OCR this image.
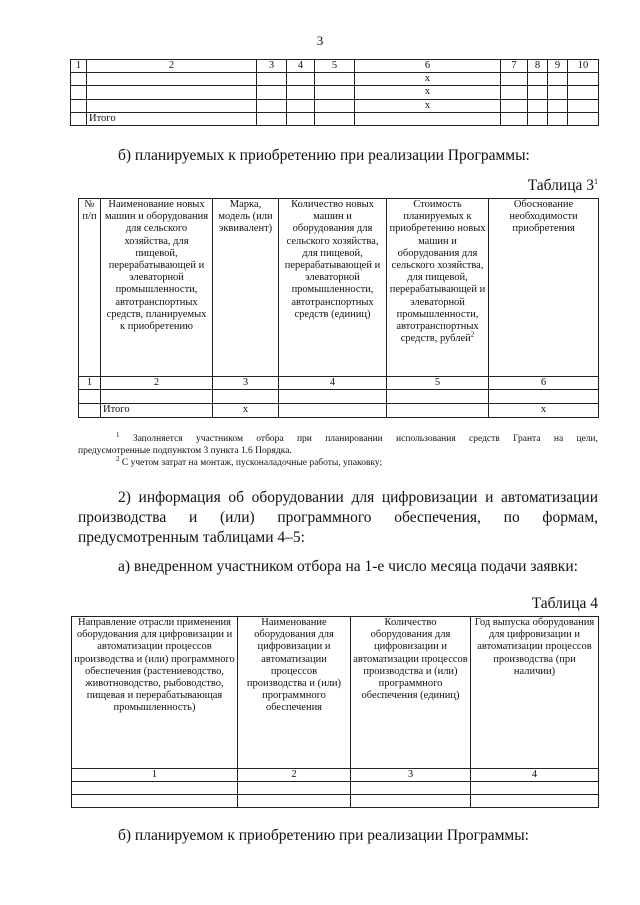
3
1	2	3	4	5	6	7	8	9	10
					x				
					x				
					x				
	Итого								
б) планируемых к приобретению при реализации Программы:
Таблица $3^1$
№ п/п	Наименование новых машин и оборудования для сельского хозяйства, для пищевой, перерабатывающей и элеваторной промышленности, автотранспортных средств, планируемых к приобретению	Марка, модель (или эквивалент)	Количество новых машин и оборудования для сельского хозяйства, для пищевой, перерабатывающей и элеваторной промышленности, автотранспортных средств (единиц)	Стоимость планируемых к приобретению новых машин и оборудования для сельского хозяйства, для пищевой, перерабатывающей и элеваторной промышленности, автотранспортных средств, рублей$^2$	Обоснование необходимости приобретения
1	2	3	4	5	6

	Итого	x			x
$^1$ Заполняется участником отбора при планировании использования средств Гранта на цели,
предусмотренные подпунктом 3 пункта 1.6 Порядка.
$^2$ С учетом затрат на монтаж, пусконаладочные работы, упаковку;
2) информация об оборудовании для цифровизации и автоматизации
производства и (или) программного обеспечения, по формам,
предусмотренным таблицами 4–5:
а) внедренном участником отбора на 1-е число месяца подачи заявки:
Таблица 4
Направление отрасли применения оборудования для цифровизации и автоматизации процессов производства и (или) программного обеспечения (растениеводство, животноводство, рыбоводство, пищевая и перерабатывающая промышленность)	Наименование оборудования для цифровизации и автоматизации процессов производства и (или) программного обеспечения	Количество оборудования для цифровизации и автоматизации процессов производства и (или) программного обеспечения (единиц)	Год выпуска оборудования для цифровизации и автоматизации процессов производства (при наличии)
1	2	3	4

б) планируемом к приобретению при реализации Программы:
